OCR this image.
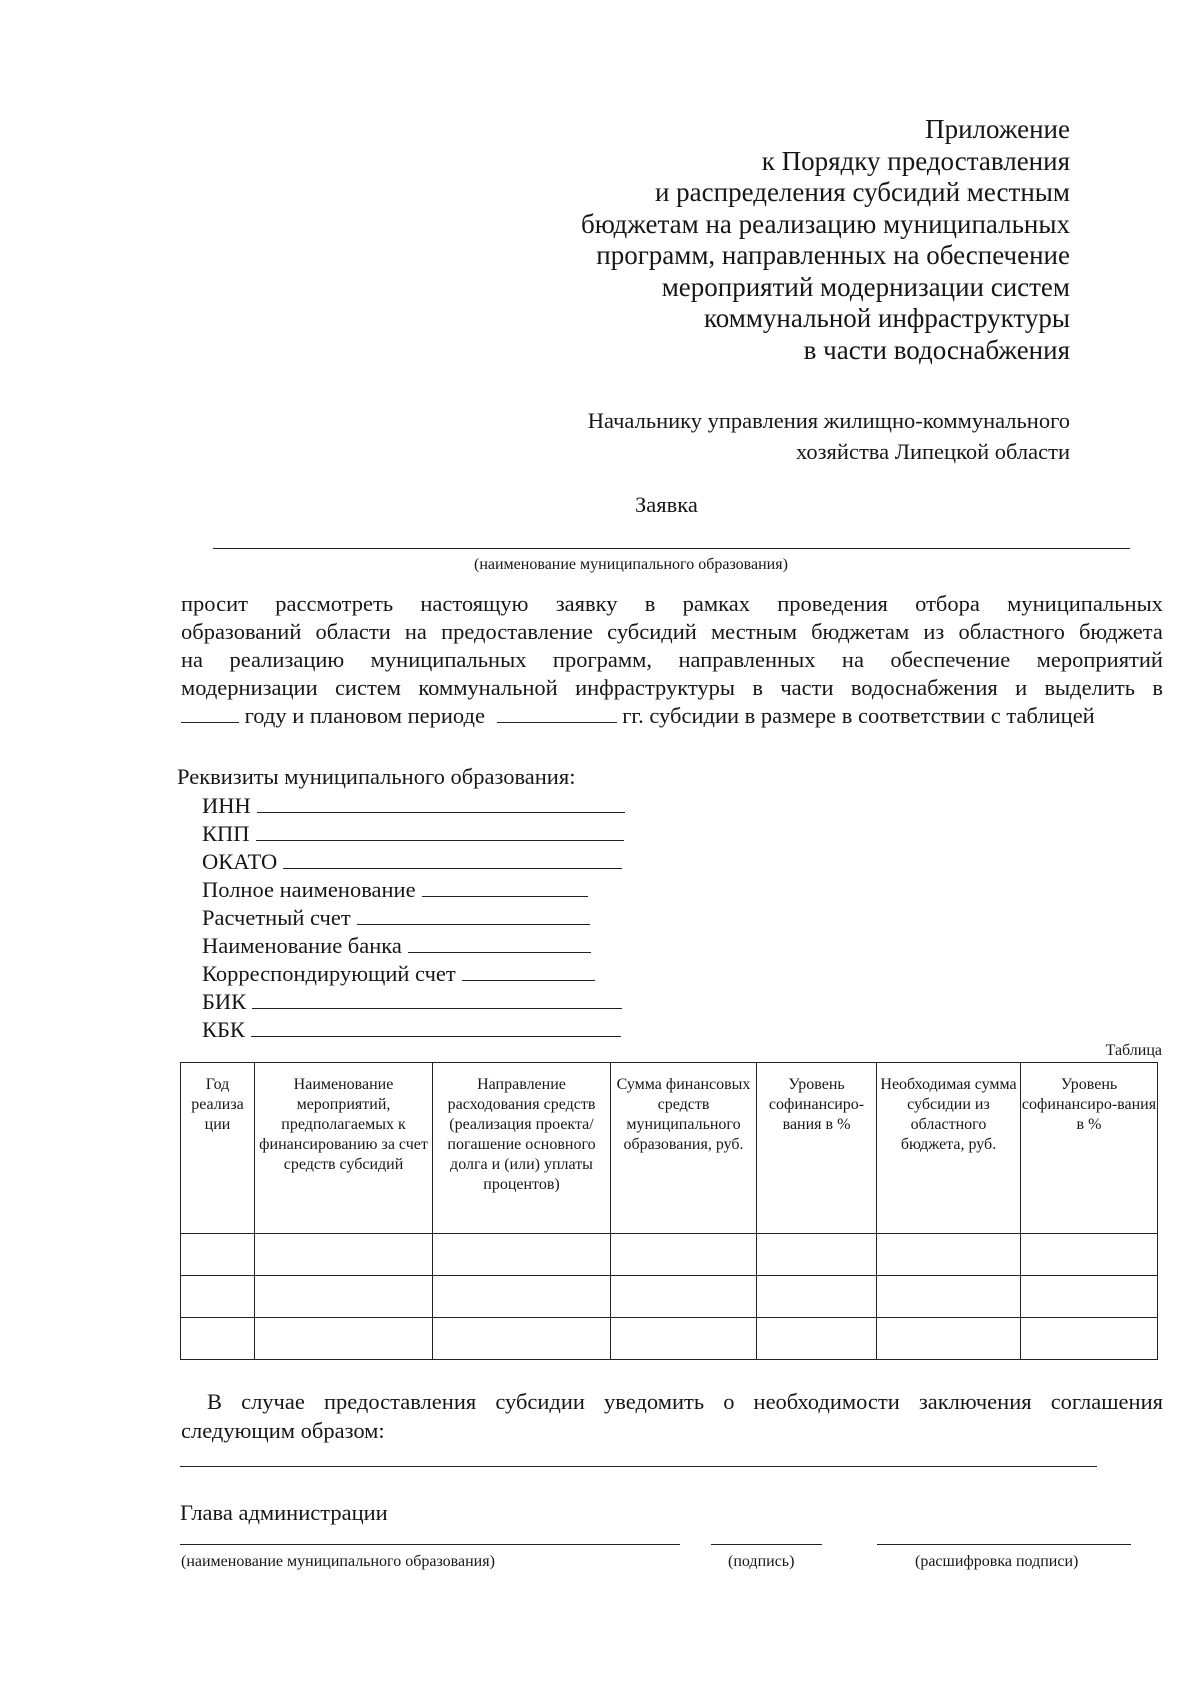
Приложение
к Порядку предоставления
и распределения субсидий местным
бюджетам на реализацию муниципальных
программ, направленных на обеспечение
мероприятий модернизации систем
коммунальной инфраструктуры
в части водоснабжения
Начальнику управления жилищно-коммунального
хозяйства Липецкой области
Заявка
(наименование муниципального образования)
просит рассмотреть настоящую заявку в рамках проведения отбора муниципальных
образований области на предоставление субсидий местным бюджетам из областного бюджета
на реализацию муниципальных программ, направленных на обеспечение мероприятий
модернизации систем коммунальной инфраструктуры в части водоснабжения и выделить в
году и плановом периоде	гг. субсидии в размере в соответствии с таблицей
Реквизиты муниципального образования:
ИНН
КПП
ОКАТО
Полное наименование
Расчетный счет
Наименование банка
Корреспондирующий счет
БИК
КБК
Таблица
Год реализа ции	Наименование мероприятий, предполагаемых к финансированию за счет средств субсидий	Направление расходования средств (реализация проекта/погашение основного долга и (или) уплаты процентов)	Сумма финансовых средств муниципального образования, руб.	Уровень софинансиро-вания в %	Необходимая сумма субсидии из областного бюджета, руб.	Уровень софинансиро-вания в %

В случае предоставления субсидии уведомить о необходимости заключения соглашения
следующим образом:
Глава администрации
(наименование муниципального образования)	(подпись)	(расшифровка подписи)
